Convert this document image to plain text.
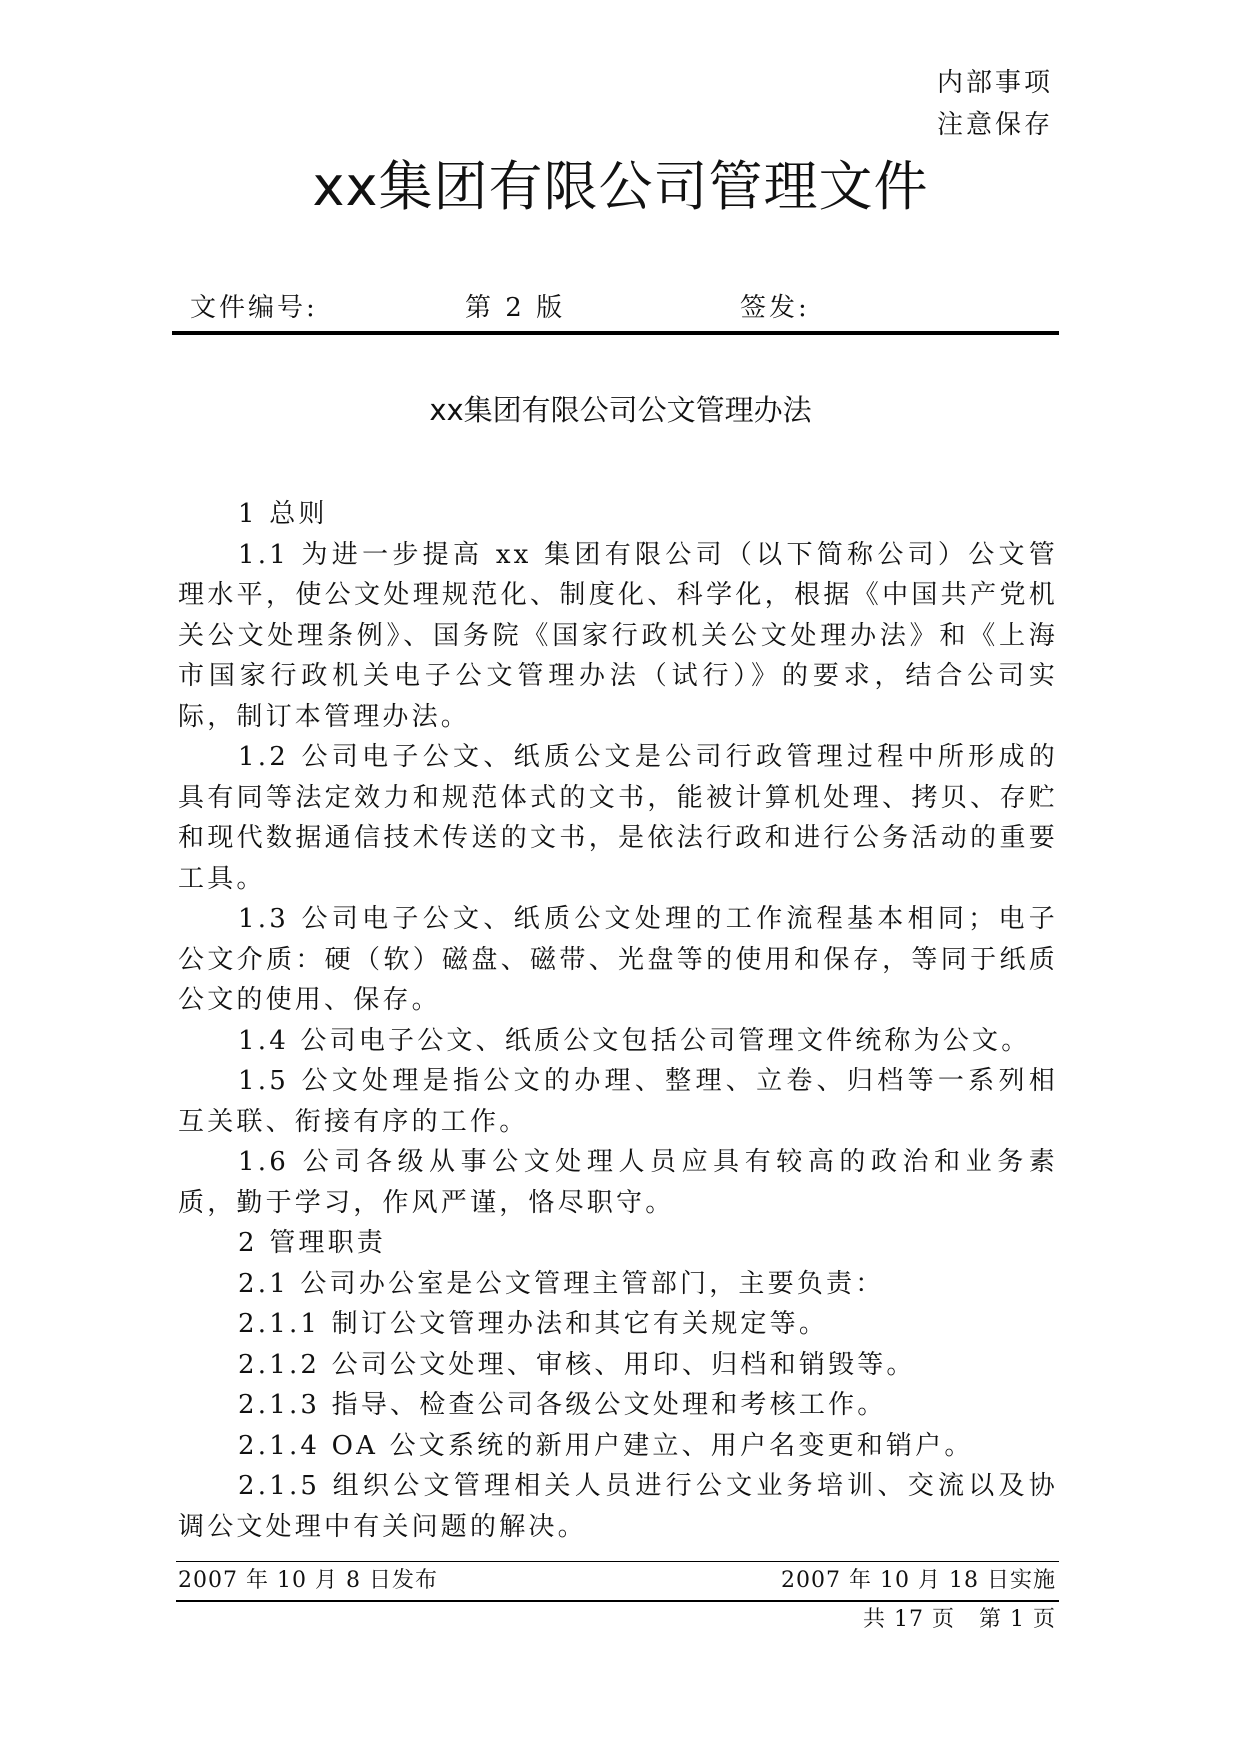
内部事项
注意保存
xx集团有限公司管理文件
文件编号:	第 2 版	签发:
xx集团有限公司公文管理办法

1 总则

1.1 为进一步提高 xx 集团有限公司（以下简称公司）公文管理水平，使公文处理规范化、制度化、科学化，根据《中国共产党机关公文处理条例》、国务院《国家行政机关公文处理办法》和《上海市国家行政机关电子公文管理办法（试行）》的要求，结合公司实际，制订本管理办法。

1.2 公司电子公文、纸质公文是公司行政管理过程中所形成的具有同等法定效力和规范体式的文书，能被计算机处理、拷贝、存贮和现代数据通信技术传送的文书，是依法行政和进行公务活动的重要工具。

1.3 公司电子公文、纸质公文处理的工作流程基本相同；电子公文介质：硬（软）磁盘、磁带、光盘等的使用和保存，等同于纸质公文的使用、保存。

1.4 公司电子公文、纸质公文包括公司管理文件统称为公文。

1.5 公文处理是指公文的办理、整理、立卷、归档等一系列相互关联、衔接有序的工作。

1.6 公司各级从事公文处理人员应具有较高的政治和业务素质，勤于学习，作风严谨，恪尽职守。

2 管理职责

2.1 公司办公室是公文管理主管部门，主要负责：

2.1.1 制订公文管理办法和其它有关规定等。

2.1.2 公司公文处理、审核、用印、归档和销毁等。

2.1.3 指导、检查公司各级公文处理和考核工作。

2.1.4 OA 公文系统的新用户建立、用户名变更和销户。

2.1.5 组织公文管理相关人员进行公文业务培训、交流以及协调公文处理中有关问题的解决。

2007 年 10 月 8 日发布	2007 年 10 月 18 日实施
共 17 页 第 1 页
